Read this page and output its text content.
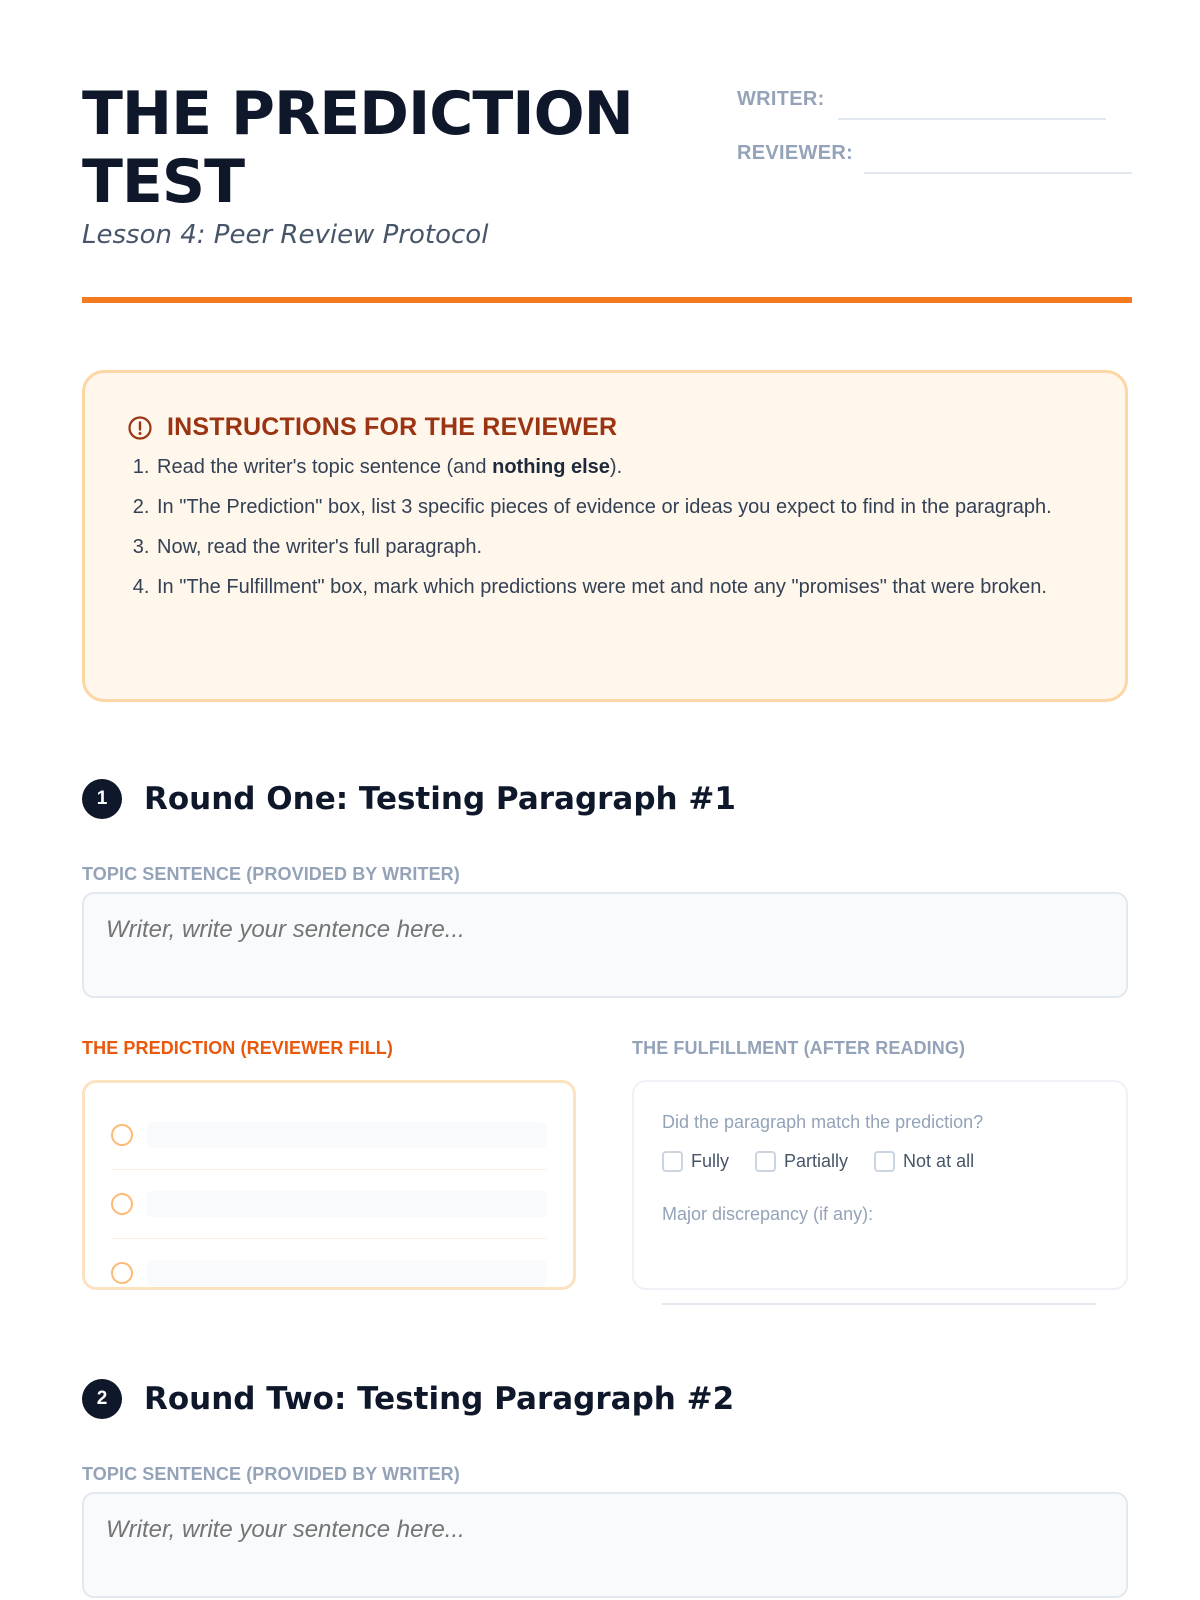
THE PREDICTION TEST
Lesson 4: Peer Review Protocol
WRITER:
REVIEWER:
INSTRUCTIONS FOR THE REVIEWER
1. Read the writer's topic sentence (and nothing else).
2. In "The Prediction" box, list 3 specific pieces of evidence or ideas you expect to find in the paragraph.
3. Now, read the writer's full paragraph.
4. In "The Fulfillment" box, mark which predictions were met and note any "promises" that were broken.
1	Round One: Testing Paragraph #1
TOPIC SENTENCE (PROVIDED BY WRITER)
Writer, write your sentence here...
THE PREDICTION (REVIEWER FILL)	THE FULFILLMENT (AFTER READING)
Did the paragraph match the prediction?
Fully	Partially	Not at all
Major discrepancy (if any):
2	Round Two: Testing Paragraph #2
TOPIC SENTENCE (PROVIDED BY WRITER)
Writer, write your sentence here...
